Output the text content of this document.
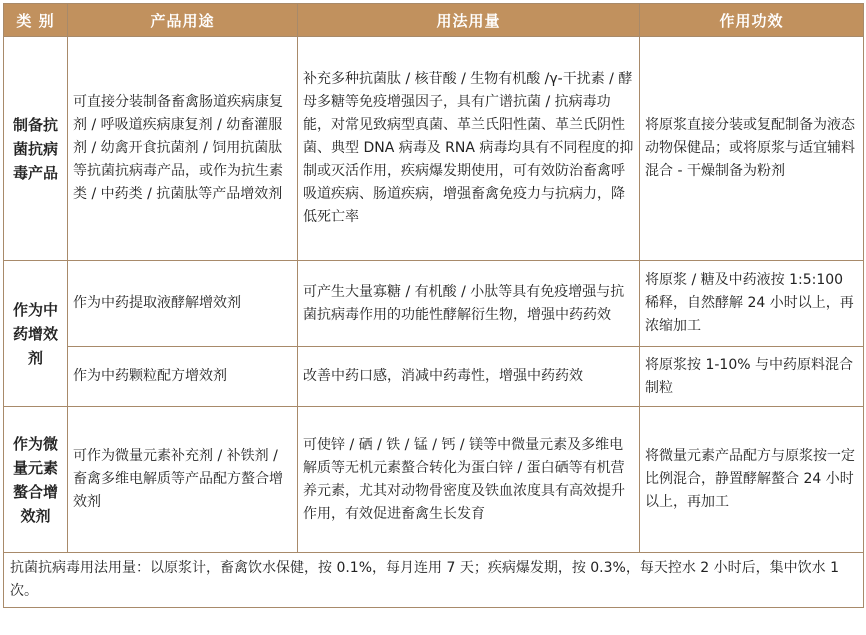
类 别	产品用途	用法用量	作用功效
制备抗菌抗病毒产品	可直接分装制备畜禽肠道疾病康复剂 / 呼吸道疾病康复剂 / 幼畜灌服剂 / 幼禽开食抗菌剂 / 饲用抗菌肽等抗菌抗病毒产品，或作为抗生素类 / 中药类 / 抗菌肽等产品增效剂	补充多种抗菌肽 / 核苷酸 / 生物有机酸 /γ-干扰素 / 酵母多糖等免疫增强因子，具有广谱抗菌 / 抗病毒功能，对常见致病型真菌、革兰氏阳性菌、革兰氏阴性菌、典型 DNA 病毒及 RNA 病毒均具有不同程度的抑制或灭活作用，疾病爆发期使用，可有效防治畜禽呼吸道疾病、肠道疾病，增强畜禽免疫力与抗病力，降低死亡率	将原浆直接分装或复配制备为液态动物保健品；或将原浆与适宜辅料混合 - 干燥制备为粉剂
作为中药增效剂	作为中药提取液酵解增效剂	可产生大量寡糖 / 有机酸 / 小肽等具有免疫增强与抗菌抗病毒作用的功能性酵解衍生物，增强中药药效	将原浆 / 糖及中药液按 1:5:100 稀释，自然酵解 24 小时以上，再浓缩加工
	作为中药颗粒配方增效剂	改善中药口感，消减中药毒性，增强中药药效	将原浆按 1-10% 与中药原料混合制粒
作为微量元素螯合增效剂	可作为微量元素补充剂 / 补铁剂 / 畜禽多维电解质等产品配方螯合增效剂	可使锌 / 硒 / 铁 / 锰 / 钙 / 镁等中微量元素及多维电解质等无机元素螯合转化为蛋白锌 / 蛋白硒等有机营养元素，尤其对动物骨密度及铁血浓度具有高效提升作用，有效促进畜禽生长发育	将微量元素产品配方与原浆按一定比例混合，静置酵解螯合 24 小时以上，再加工
抗菌抗病毒用法用量：以原浆计，畜禽饮水保健，按 0.1%，每月连用 7 天；疾病爆发期，按 0.3%，每天控水 2 小时后，集中饮水 1 次。			
